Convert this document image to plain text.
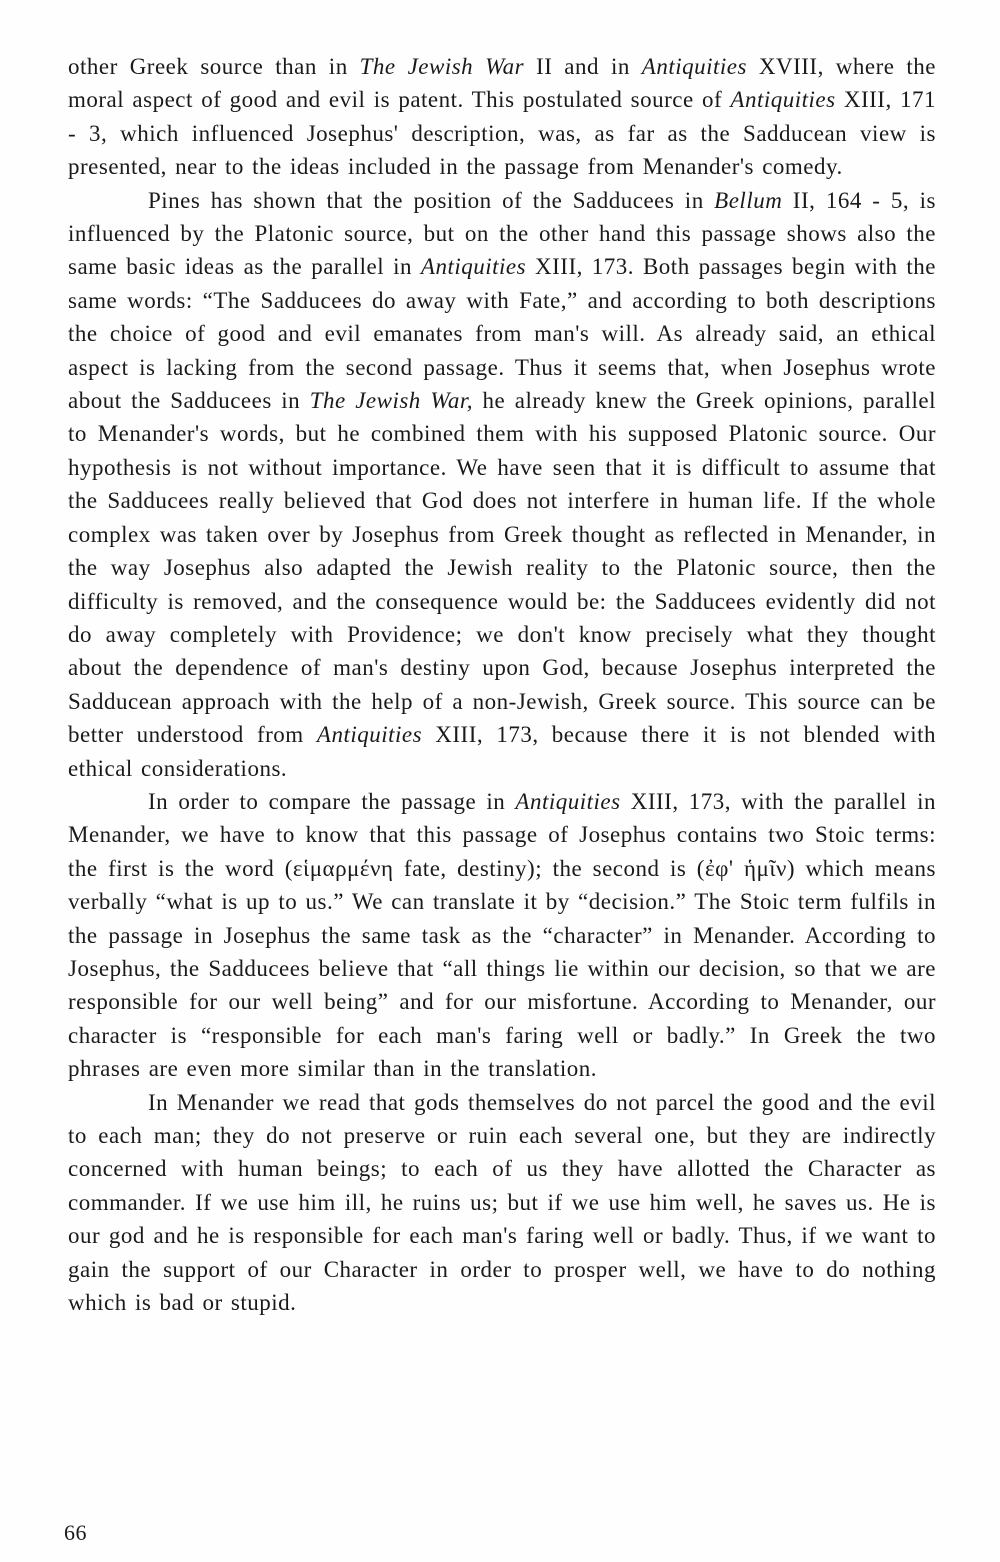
other Greek source than in The Jewish War II and in Antiquities XVIII, where the moral aspect of good and evil is patent. This postulated source of Antiquities XIII, 171 - 3, which influenced Josephus' description, was, as far as the Sadducean view is presented, near to the ideas included in the passage from Menander's comedy.

Pines has shown that the position of the Sadducees in Bellum II, 164 - 5, is influenced by the Platonic source, but on the other hand this passage shows also the same basic ideas as the parallel in Antiquities XIII, 173. Both passages begin with the same words: “The Sadducees do away with Fate,” and according to both descriptions the choice of good and evil emanates from man's will. As already said, an ethical aspect is lacking from the second passage. Thus it seems that, when Josephus wrote about the Sadducees in The Jewish War, he already knew the Greek opinions, parallel to Menander's words, but he combined them with his supposed Platonic source. Our hypothesis is not without importance. We have seen that it is difficult to assume that the Sadducees really believed that God does not interfere in human life. If the whole complex was taken over by Josephus from Greek thought as reflected in Menander, in the way Josephus also adapted the Jewish reality to the Platonic source, then the difficulty is removed, and the consequence would be: the Sadducees evidently did not do away completely with Providence; we don't know precisely what they thought about the dependence of man's destiny upon God, because Josephus interpreted the Sadducean approach with the help of a non-Jewish, Greek source. This source can be better understood from Antiquities XIII, 173, because there it is not blended with ethical considerations.

In order to compare the passage in Antiquities XIII, 173, with the parallel in Menander, we have to know that this passage of Josephus contains two Stoic terms: the first is the word (εἱμαρμένη fate, destiny); the second is (ἐφ' ἡμῖν) which means verbally “what is up to us.” We can translate it by “decision.” The Stoic term fulfils in the passage in Josephus the same task as the “character” in Menander. According to Josephus, the Sadducees believe that “all things lie within our decision, so that we are responsible for our well being” and for our misfortune. According to Menander, our character is “responsible for each man's faring well or badly.” In Greek the two phrases are even more similar than in the translation.

In Menander we read that gods themselves do not parcel the good and the evil to each man; they do not preserve or ruin each several one, but they are indirectly concerned with human beings; to each of us they have allotted the Character as commander. If we use him ill, he ruins us; but if we use him well, he saves us. He is our god and he is responsible for each man's faring well or badly. Thus, if we want to gain the support of our Character in order to prosper well, we have to do nothing which is bad or stupid.

66
